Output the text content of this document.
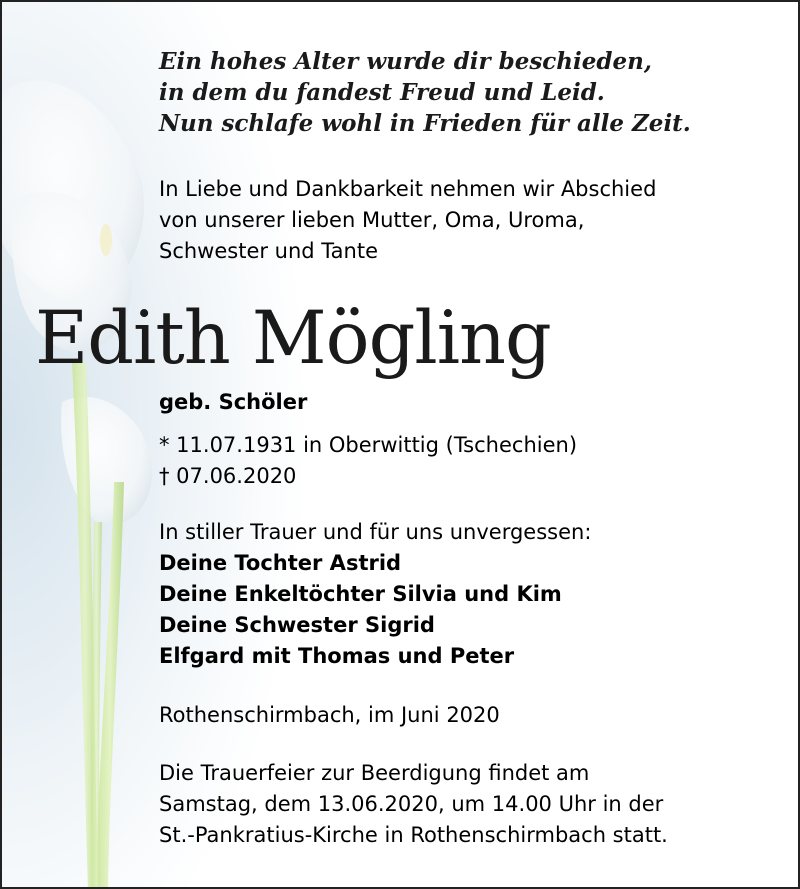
Ein hohes Alter wurde dir beschieden,

in dem du fandest Freud und Leid.

Nun schlafe wohl in Frieden für alle Zeit.

In Liebe und Dankbarkeit nehmen wir Abschied

von unserer lieben Mutter, Oma, Uroma,

Schwester und Tante

Edith Mögling

geb. Schöler

* 11.07.1931 in Oberwittig (Tschechien)

† 07.06.2020

In stiller Trauer und für uns unvergessen:

Deine Tochter Astrid

Deine Enkeltöchter Silvia und Kim

Deine Schwester Sigrid

Elfgard mit Thomas und Peter

Rothenschirmbach, im Juni 2020

Die Trauerfeier zur Beerdigung findet am

Samstag, dem 13.06.2020, um 14.00 Uhr in der

St.-Pankratius-Kirche in Rothenschirmbach statt.
